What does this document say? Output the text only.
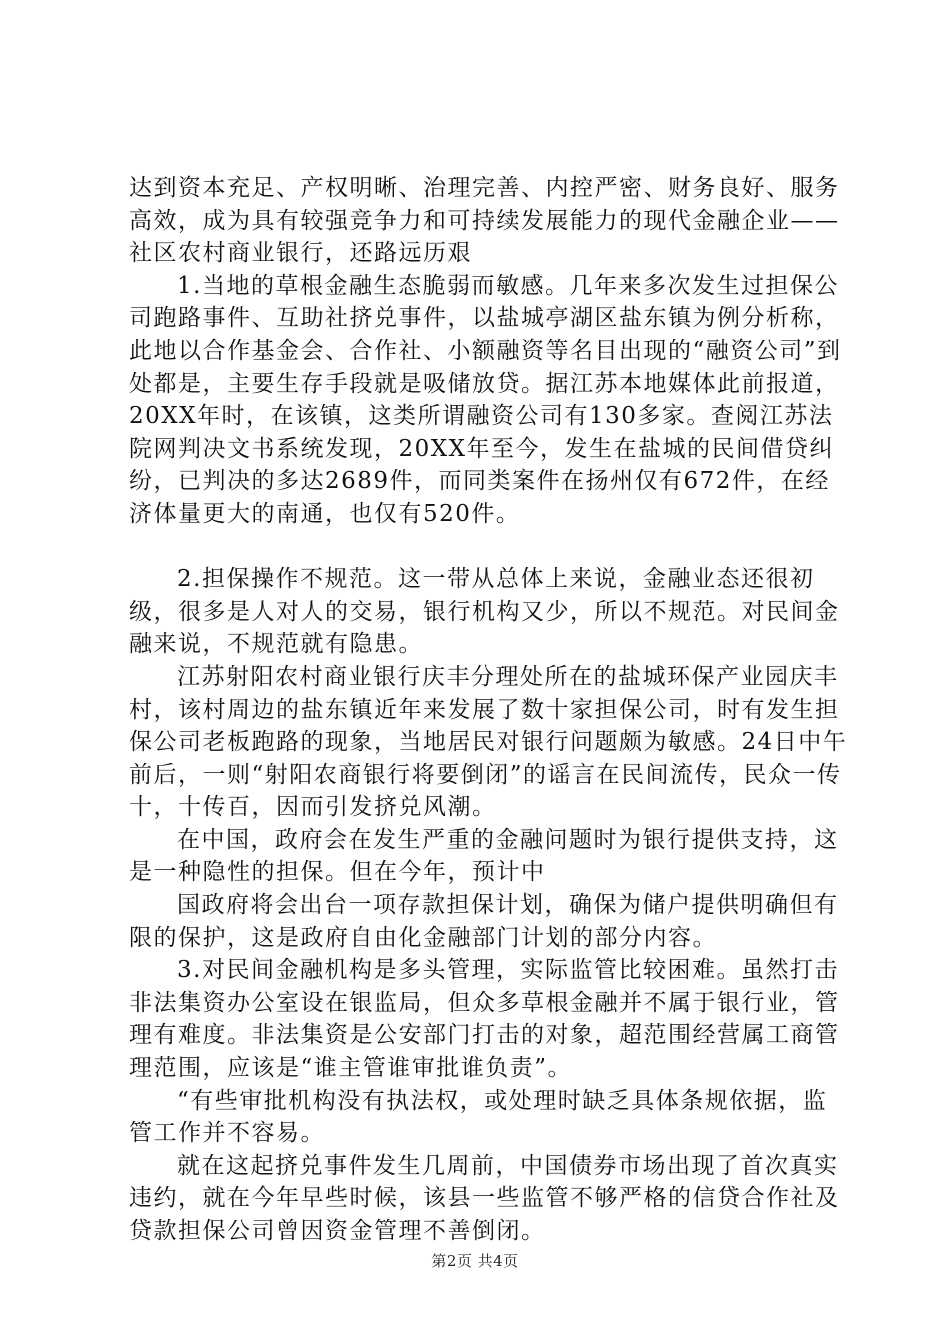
达到资本充足、产权明晰、治理完善、内控严密、财务良好、服务高效，成为具有较强竞争力和可持续发展能力的现代金融企业——社区农村商业银行，还路远历艰

1.当地的草根金融生态脆弱而敏感。几年来多次发生过担保公司跑路事件、互助社挤兑事件，以盐城亭湖区盐东镇为例分析称，此地以合作基金会、合作社、小额融资等名目出现的“融资公司”到处都是，主要生存手段就是吸储放贷。据江苏本地媒体此前报道，20XX年时，在该镇，这类所谓融资公司有130多家。查阅江苏法院网判决文书系统发现，20XX年至今，发生在盐城的民间借贷纠纷，已判决的多达2689件，而同类案件在扬州仅有672件，在经济体量更大的南通，也仅有520件。

2.担保操作不规范。这一带从总体上来说，金融业态还很初级，很多是人对人的交易，银行机构又少，所以不规范。对民间金融来说，不规范就有隐患。

江苏射阳农村商业银行庆丰分理处所在的盐城环保产业园庆丰村，该村周边的盐东镇近年来发展了数十家担保公司，时有发生担保公司老板跑路的现象，当地居民对银行问题颇为敏感。24日中午前后，一则“射阳农商银行将要倒闭”的谣言在民间流传，民众一传十，十传百，因而引发挤兑风潮。

在中国，政府会在发生严重的金融问题时为银行提供支持，这是一种隐性的担保。但在今年，预计中

国政府将会出台一项存款担保计划，确保为储户提供明确但有限的保护，这是政府自由化金融部门计划的部分内容。

3.对民间金融机构是多头管理，实际监管比较困难。虽然打击非法集资办公室设在银监局，但众多草根金融并不属于银行业，管理有难度。非法集资是公安部门打击的对象，超范围经营属工商管理范围，应该是“谁主管谁审批谁负责”。

“有些审批机构没有执法权，或处理时缺乏具体条规依据，监管工作并不容易。

就在这起挤兑事件发生几周前，中国债券市场出现了首次真实违约，就在今年早些时候，该县一些监管不够严格的信贷合作社及贷款担保公司曾因资金管理不善倒闭。

第2页 共4页
